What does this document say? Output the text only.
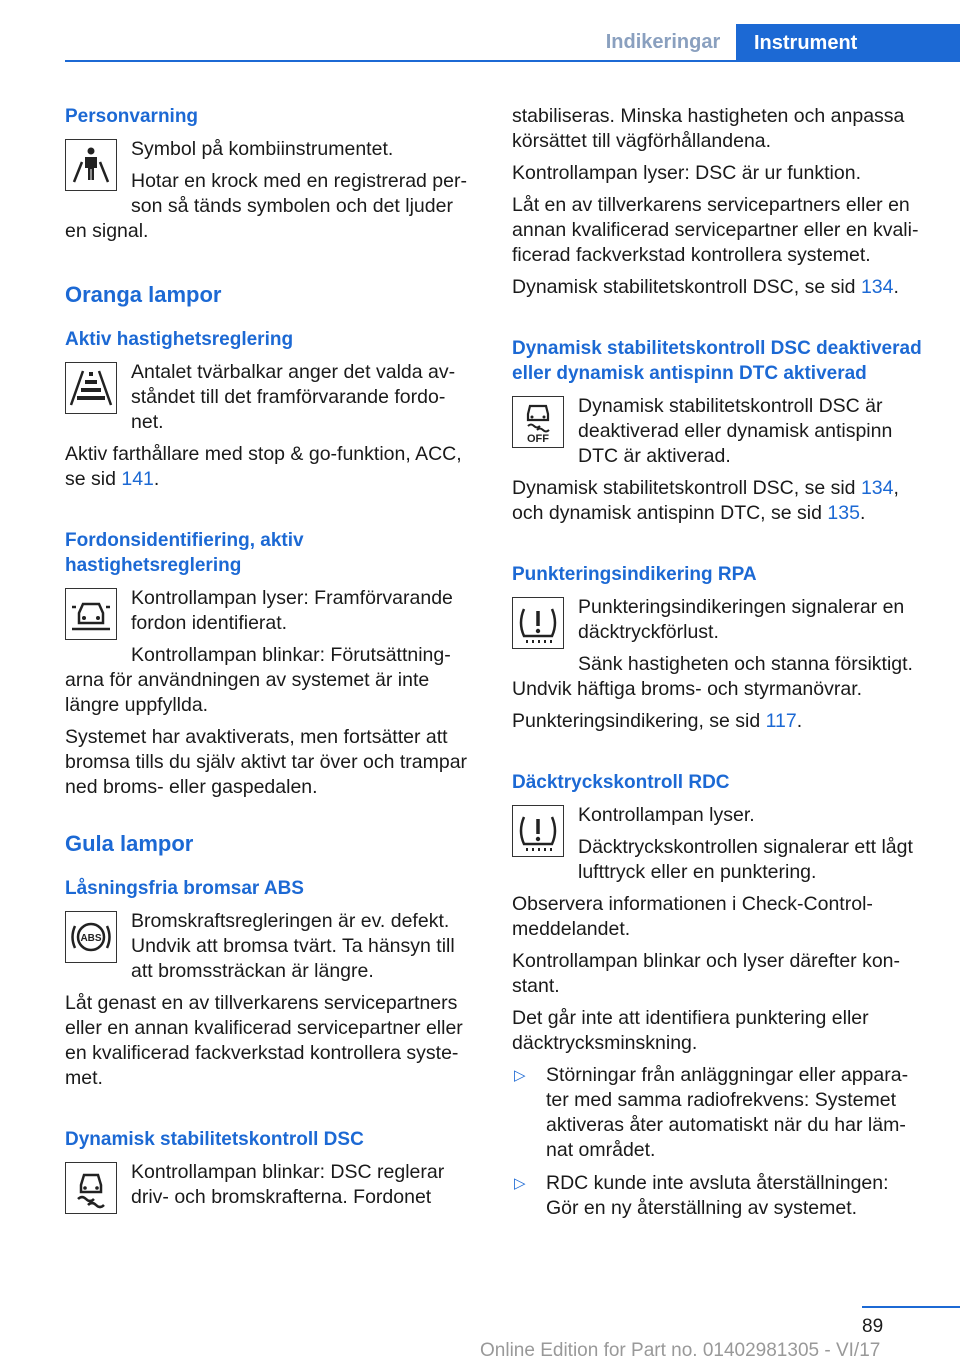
Indikeringar	Instrument
Personvarning
Symbol på kombiinstrumentet.
Hotar en krock med en registrerad per‐son så tänds symbolen och det ljuder en signal.
Oranga lampor
Aktiv hastighetsreglering
Antalet tvärbalkar anger det valda av‐ståndet till det framförvarande fordo‐net.
Aktiv farthållare med stop & go-funktion, ACC, se sid 141.
Fordonsidentifiering, aktiv hastighetsreglering
Kontrollampan lyser: Framförvarande fordon identifierat.
Kontrollampan blinkar: Förutsättning‐arna för användningen av systemet är inte längre uppfyllda.
Systemet har avaktiverats, men fortsätter att bromsa tills du själv aktivt tar över och trampar ned broms- eller gaspedalen.
Gula lampor
Låsningsfria bromsar ABS
ABS
Bromskraftsregleringen är ev. defekt. Undvik att bromsa tvärt. Ta hänsyn till att bromssträckan är längre.
Låt genast en av tillverkarens servicepartners eller en annan kvalificerad servicepartner eller en kvalificerad fackverkstad kontrollera syste‐met.
Dynamisk stabilitetskontroll DSC
Kontrollampan blinkar: DSC reglerar driv- och bromskrafterna. Fordonet
stabiliseras. Minska hastigheten och anpassa körsättet till vägförhållandena.
Kontrollampan lyser: DSC är ur funktion.
Låt en av tillverkarens servicepartners eller en annan kvalificerad servicepartner eller en kvali‐ficerad fackverkstad kontrollera systemet.
Dynamisk stabilitetskontroll DSC, se sid 134.
Dynamisk stabilitetskontroll DSC deaktiverad eller dynamisk antispinn DTC aktiverad
OFF
Dynamisk stabilitetskontroll DSC är deaktiverad eller dynamisk antispinn DTC är aktiverad.
Dynamisk stabilitetskontroll DSC, se sid 134, och dynamisk antispinn DTC, se sid 135.
Punkteringsindikering RPA
Punkteringsindikeringen signalerar en däcktryckförlust.
Sänk hastigheten och stanna försiktigt. Undvik häftiga broms- och styrmanövrar.
Punkteringsindikering, se sid 117.
Däcktryckskontroll RDC
Kontrollampan lyser.
Däcktryckskontrollen signalerar ett lågt lufttryck eller en punktering.
Observera informationen i Check-Control-meddelandet.
Kontrollampan blinkar och lyser därefter kon‐stant.
Det går inte att identifiera punktering eller däcktrycksminskning.
▷ Störningar från anläggningar eller appara‐ter med samma radiofrekvens: Systemet aktiveras åter automatiskt när du har läm‐nat området.
▷ RDC kunde inte avsluta återställningen: Gör en ny återställning av systemet.
89
Online Edition for Part no. 01402981305 - VI/17
